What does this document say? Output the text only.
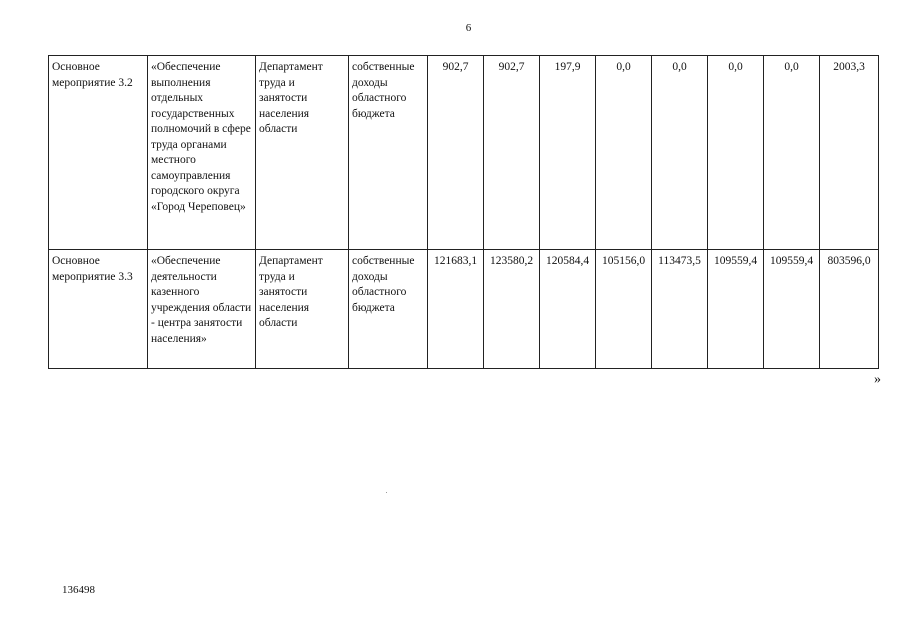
6
Основное мероприятие 3.2	«Обеспечение выполнения отдельных государственных полномочий в сфере труда органами местного самоуправления городского округа «Город Череповец»	Департамент труда и занятости населения области	собственные доходы областного бюджета	902,7	902,7	197,9	0,0	0,0	0,0	0,0	2003,3
Основное мероприятие 3.3	«Обеспечение деятельности казенного учреждения области - центра занятости населения»	Департамент труда и занятости населения области	собственные доходы областного бюджета	121683,1	123580,2	120584,4	105156,0	113473,5	109559,4	109559,4	803596,0
»
136498
